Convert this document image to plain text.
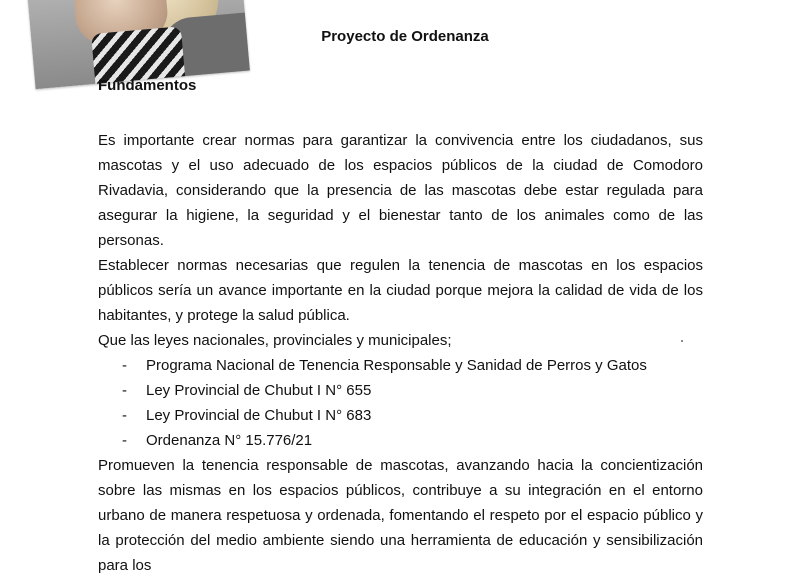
Proyecto de Ordenanza
Fundamentos

Es importante crear normas para garantizar la convivencia entre los ciudadanos, sus mascotas y el uso adecuado de los espacios públicos de la ciudad de Comodoro Rivadavia, considerando que la presencia de las mascotas debe estar regulada para asegurar la higiene, la seguridad y el bienestar tanto de los animales como de las personas.

Establecer normas necesarias que regulen la tenencia de mascotas en los espacios públicos sería un avance importante en la ciudad porque mejora la calidad de vida de los habitantes, y protege la salud pública.

Que las leyes nacionales, provinciales y municipales;

- Programa Nacional de Tenencia Responsable y Sanidad de Perros y Gatos
- Ley Provincial de Chubut I N° 655
- Ley Provincial de Chubut I N° 683
- Ordenanza N° 15.776/21

Promueven la tenencia responsable de mascotas, avanzando hacia la concientización sobre las mismas en los espacios públicos, contribuye a su integración en el entorno urbano de manera respetuosa y ordenada, fomentando el respeto por el espacio público y la protección del medio ambiente siendo una herramienta de educación y sensibilización para los
